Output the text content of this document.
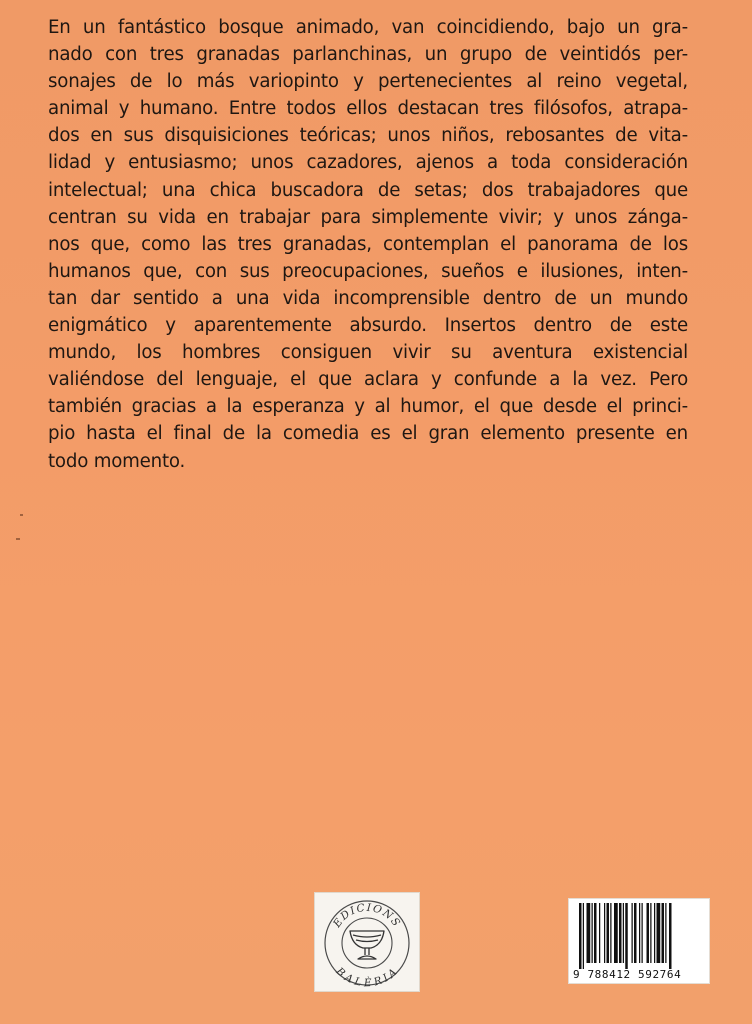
En un fantástico bosque animado, van coincidiendo, bajo un gra-
nado con tres granadas parlanchinas, un grupo de veintidós per-
sonajes de lo más variopinto y pertenecientes al reino vegetal,
animal y humano. Entre todos ellos destacan tres filósofos, atrapa-
dos en sus disquisiciones teóricas; unos niños, rebosantes de vita-
lidad y entusiasmo; unos cazadores, ajenos a toda consideración
intelectual; una chica buscadora de setas; dos trabajadores que
centran su vida en trabajar para simplemente vivir; y unos zánga-
nos que, como las tres granadas, contemplan el panorama de los
humanos que, con sus preocupaciones, sueños e ilusiones, inten-
tan dar sentido a una vida incomprensible dentro de un mundo
enigmático y aparentemente absurdo. Insertos dentro de este
mundo, los hombres consiguen vivir su aventura existencial
valiéndose del lenguaje, el que aclara y confunde a la vez. Pero
también gracias a la esperanza y al humor, el que desde el princi-
pio hasta el final de la comedia es el gran elemento presente en
todo momento.
EDICIONS
BALÈRIA	9 788412 592764
